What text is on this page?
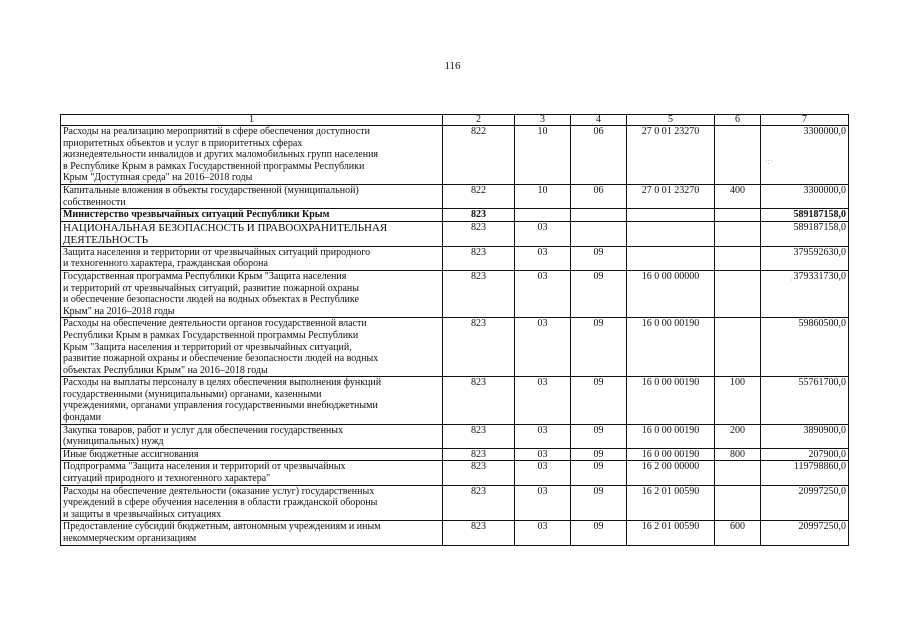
116
1	2	3	4	5	6	7
Расходы на реализацию мероприятий в сфере обеспечения доступности
приоритетных объектов и услуг в приоритетных сферах
жизнедеятельности инвалидов и других маломобильных групп населения
в Республике Крым в рамках Государственной программы Республики
Крым "Доступная среда" на 2016–2018 годы	822	10	06	27 0 01 23270		3300000,0
Капитальные вложения в объекты государственной (муниципальной)
собственности	822	10	06	27 0 01 23270	400	3300000,0
Министерство чрезвычайных ситуаций Республики Крым	823					589187158,0
НАЦИОНАЛЬНАЯ БЕЗОПАСНОСТЬ И ПРАВООХРАНИТЕЛЬНАЯ
ДЕЯТЕЛЬНОСТЬ	823	03				589187158,0
Защита населения и территории от чрезвычайных ситуаций природного
и техногенного характера, гражданская оборона	823	03	09			379592630,0
Государственная программа Республики Крым "Защита населения
и территорий от чрезвычайных ситуаций, развитие пожарной охраны
и обеспечение безопасности людей на водных объектах в Республике
Крым" на 2016–2018 годы	823	03	09	16 0 00 00000		379331730,0
Расходы на обеспечение деятельности органов государственной власти
Республики Крым в рамках Государственной программы Республики
Крым "Защита населения и территорий от чрезвычайных ситуаций,
развитие пожарной охраны и обеспечение безопасности людей на водных
объектах Республики Крым" на 2016–2018 годы	823	03	09	16 0 00 00190		59860500,0
Расходы на выплаты персоналу в целях обеспечения выполнения функций
государственными (муниципальными) органами, казенными
учреждениями, органами управления государственными внебюджетными
фондами	823	03	09	16 0 00 00190	100	55761700,0
Закупка товаров, работ и услуг для обеспечения государственных
(муниципальных) нужд	823	03	09	16 0 00 00190	200	3890900,0
Иные бюджетные ассигнования	823	03	09	16 0 00 00190	800	207900,0
Подпрограмма "Защита населения и территорий от чрезвычайных
ситуаций природного и техногенного характера"	823	03	09	16 2 00 00000		119798860,0
Расходы на обеспечение деятельности (оказание услуг) государственных
учреждений в сфере обучения населения в области гражданской обороны
и защиты в чрезвычайных ситуациях	823	03	09	16 2 01 00590		20997250,0
Предоставление субсидий бюджетным, автономным учреждениям и иным
некоммерческим организациям	823	03	09	16 2 01 00590	600	20997250,0
·:·
·
